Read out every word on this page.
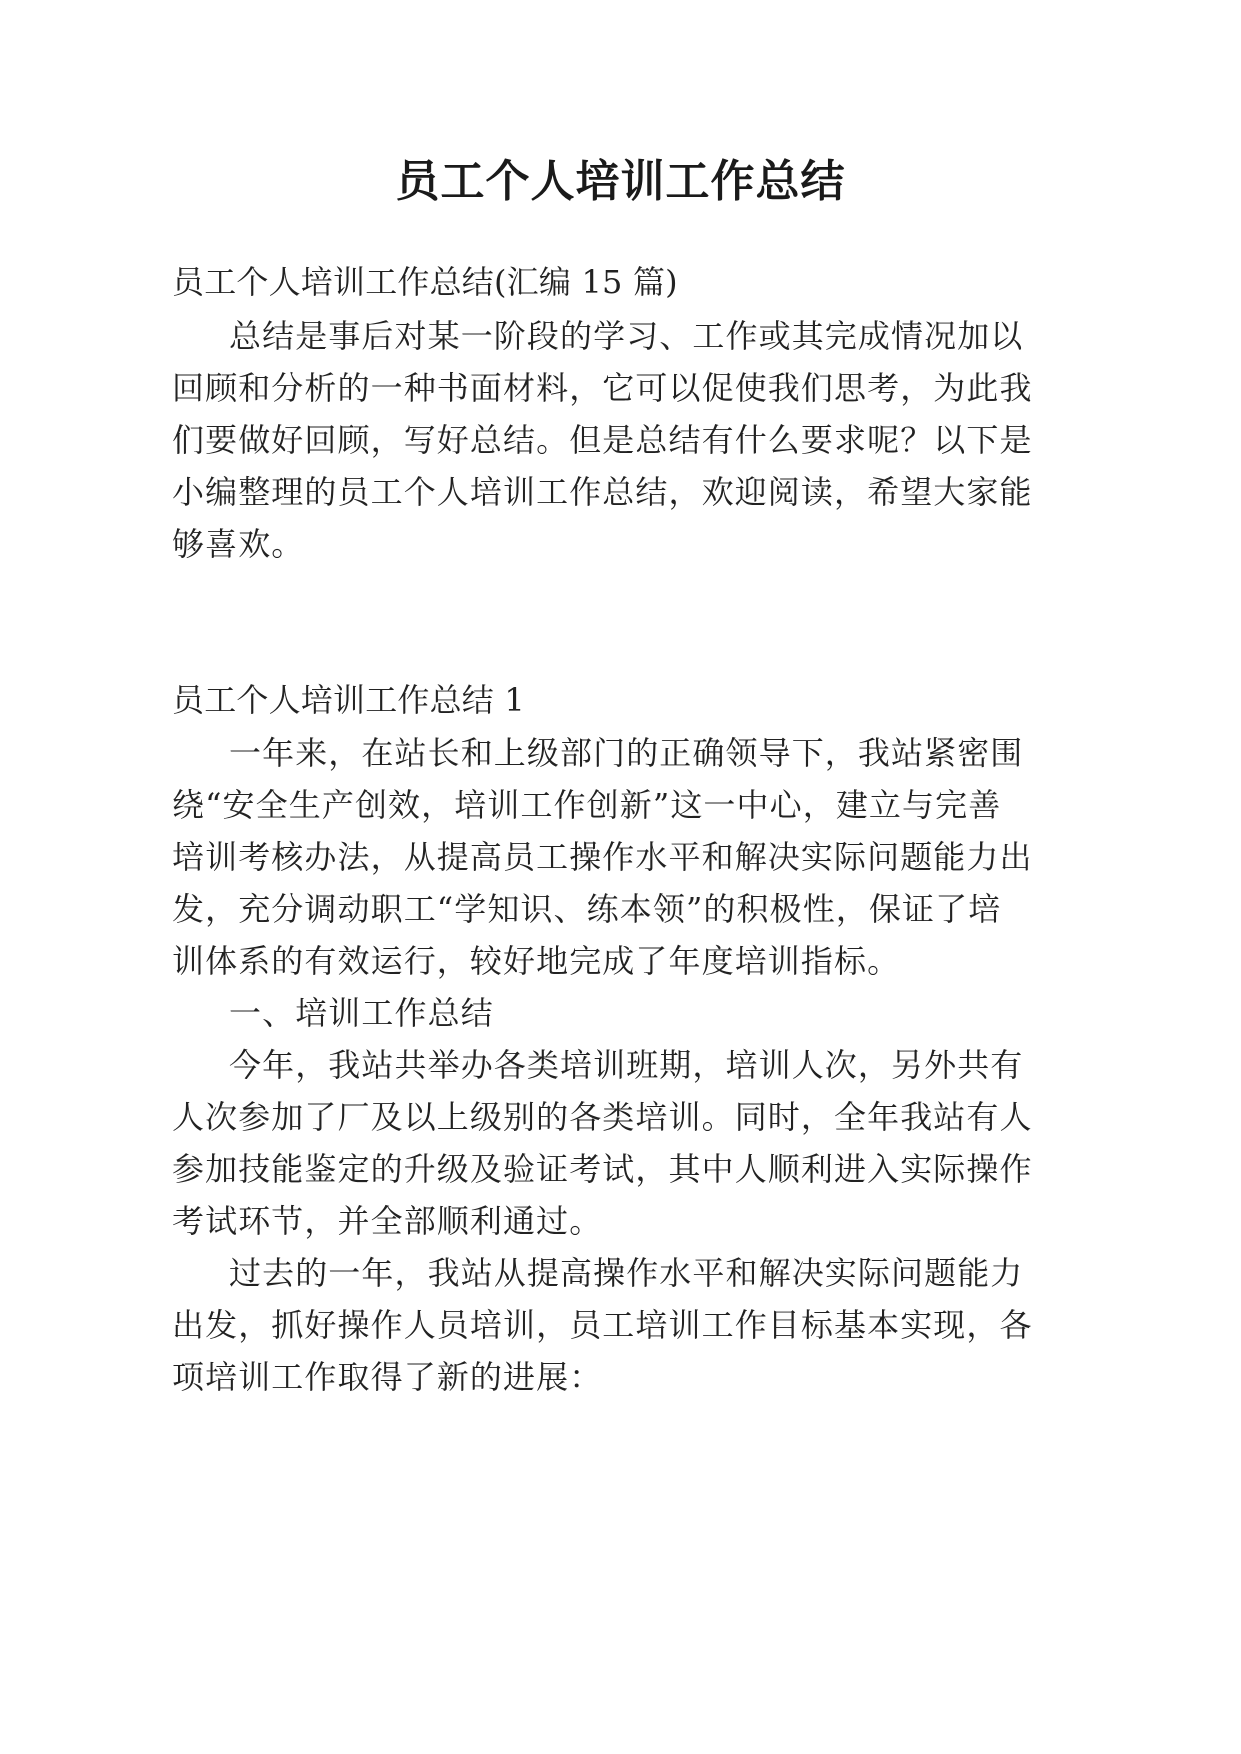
员工个人培训工作总结

员工个人培训工作总结(汇编 15 篇)

总结是事后对某一阶段的学习、工作或其完成情况加以

回顾和分析的一种书面材料，它可以促使我们思考，为此我

们要做好回顾，写好总结。但是总结有什么要求呢？以下是

小编整理的员工个人培训工作总结，欢迎阅读，希望大家能

够喜欢。

员工个人培训工作总结 1

一年来，在站长和上级部门的正确领导下，我站紧密围

绕“安全生产创效，培训工作创新”这一中心，建立与完善

培训考核办法，从提高员工操作水平和解决实际问题能力出

发，充分调动职工“学知识、练本领”的积极性，保证了培

训体系的有效运行，较好地完成了年度培训指标。

一、培训工作总结

今年，我站共举办各类培训班期，培训人次，另外共有

人次参加了厂及以上级别的各类培训。同时，全年我站有人

参加技能鉴定的升级及验证考试，其中人顺利进入实际操作

考试环节，并全部顺利通过。

过去的一年，我站从提高操作水平和解决实际问题能力

出发，抓好操作人员培训，员工培训工作目标基本实现，各

项培训工作取得了新的进展：
